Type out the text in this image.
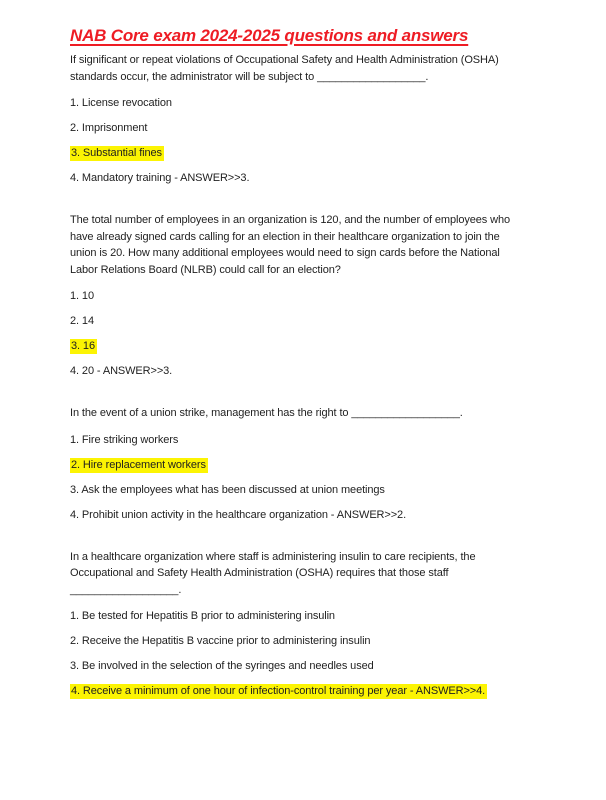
NAB Core exam 2024-2025 questions and answers

If significant or repeat violations of Occupational Safety and Health Administration (OSHA)

standards occur, the administrator will be subject to __________________.

1. License revocation

2. Imprisonment

3. Substantial fines

4. Mandatory training - ANSWER>>3.

The total number of employees in an organization is 120, and the number of employees who

have already signed cards calling for an election in their healthcare organization to join the

union is 20. How many additional employees would need to sign cards before the National

Labor Relations Board (NLRB) could call for an election?

1. 10

2. 14

3. 16

4. 20 - ANSWER>>3.

In the event of a union strike, management has the right to __________________.

1. Fire striking workers

2. Hire replacement workers

3. Ask the employees what has been discussed at union meetings

4. Prohibit union activity in the healthcare organization - ANSWER>>2.

In a healthcare organization where staff is administering insulin to care recipients, the

Occupational and Safety Health Administration (OSHA) requires that those staff

__________________.

1. Be tested for Hepatitis B prior to administering insulin

2. Receive the Hepatitis B vaccine prior to administering insulin

3. Be involved in the selection of the syringes and needles used

4. Receive a minimum of one hour of infection-control training per year - ANSWER>>4.
